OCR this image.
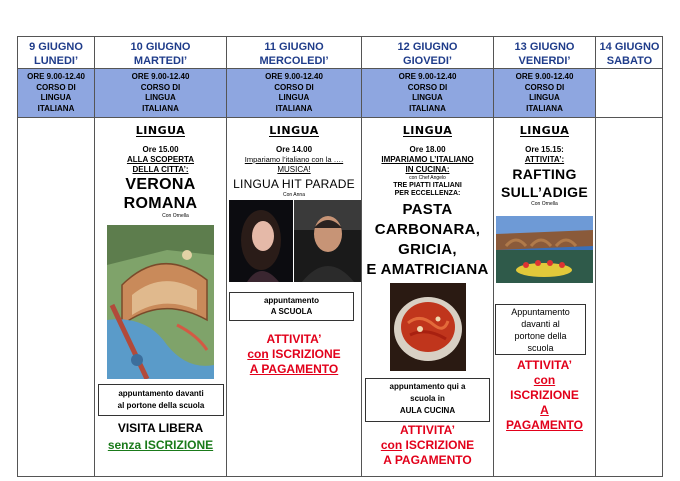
9 GIUGNO
LUNEDI’
10 GIUGNO
MARTEDI’
11 GIUGNO
MERCOLEDI’
12 GIUGNO
GIOVEDI’
13 GIUGNO
VENERDI’
14 GIUGNO
SABATO
ORE 9.00-12.40
CORSO DI
LINGUA
ITALIANA
ORE 9.00-12.40
CORSO DI
LINGUA
ITALIANA
ORE 9.00-12.40
CORSO DI
LINGUA
ITALIANA
ORE 9.00-12.40
CORSO DI
LINGUA
ITALIANA
ORE 9.00-12.40
CORSO DI
LINGUA
ITALIANA
LINGUA
Ore 15.00
ALLA SCOPERTA
DELLA CITTA’:
VERONA
ROMANA
Con Ornella
appuntamento davanti
al portone della scuola
VISITA LIBERA
senza ISCRIZIONE
LINGUA
Ore 14.00
Impariamo l’italiano con la ….
MUSICA!
LINGUA HIT PARADE
Con Anna
appuntamento
A SCUOLA
ATTIVITA’
con ISCRIZIONE
A PAGAMENTO
LINGUA
Ore 18.00
IMPARIAMO L’ITALIANO
IN CUCINA:
con Chef Angelo
TRE PIATTI ITALIANI
PER ECCELLENZA:
PASTA
CARBONARA,
GRICIA,
E AMATRICIANA
appuntamento qui a
scuola in
AULA CUCINA
ATTIVITA’
con ISCRIZIONE
A PAGAMENTO
LINGUA
Ore 15.15:
ATTIVITA’:
RAFTING
SULL’ADIGE
Con Ornella
Appuntamento
davanti al
portone della
scuola
ATTIVITA’
con
ISCRIZIONE
A
PAGAMENTO
